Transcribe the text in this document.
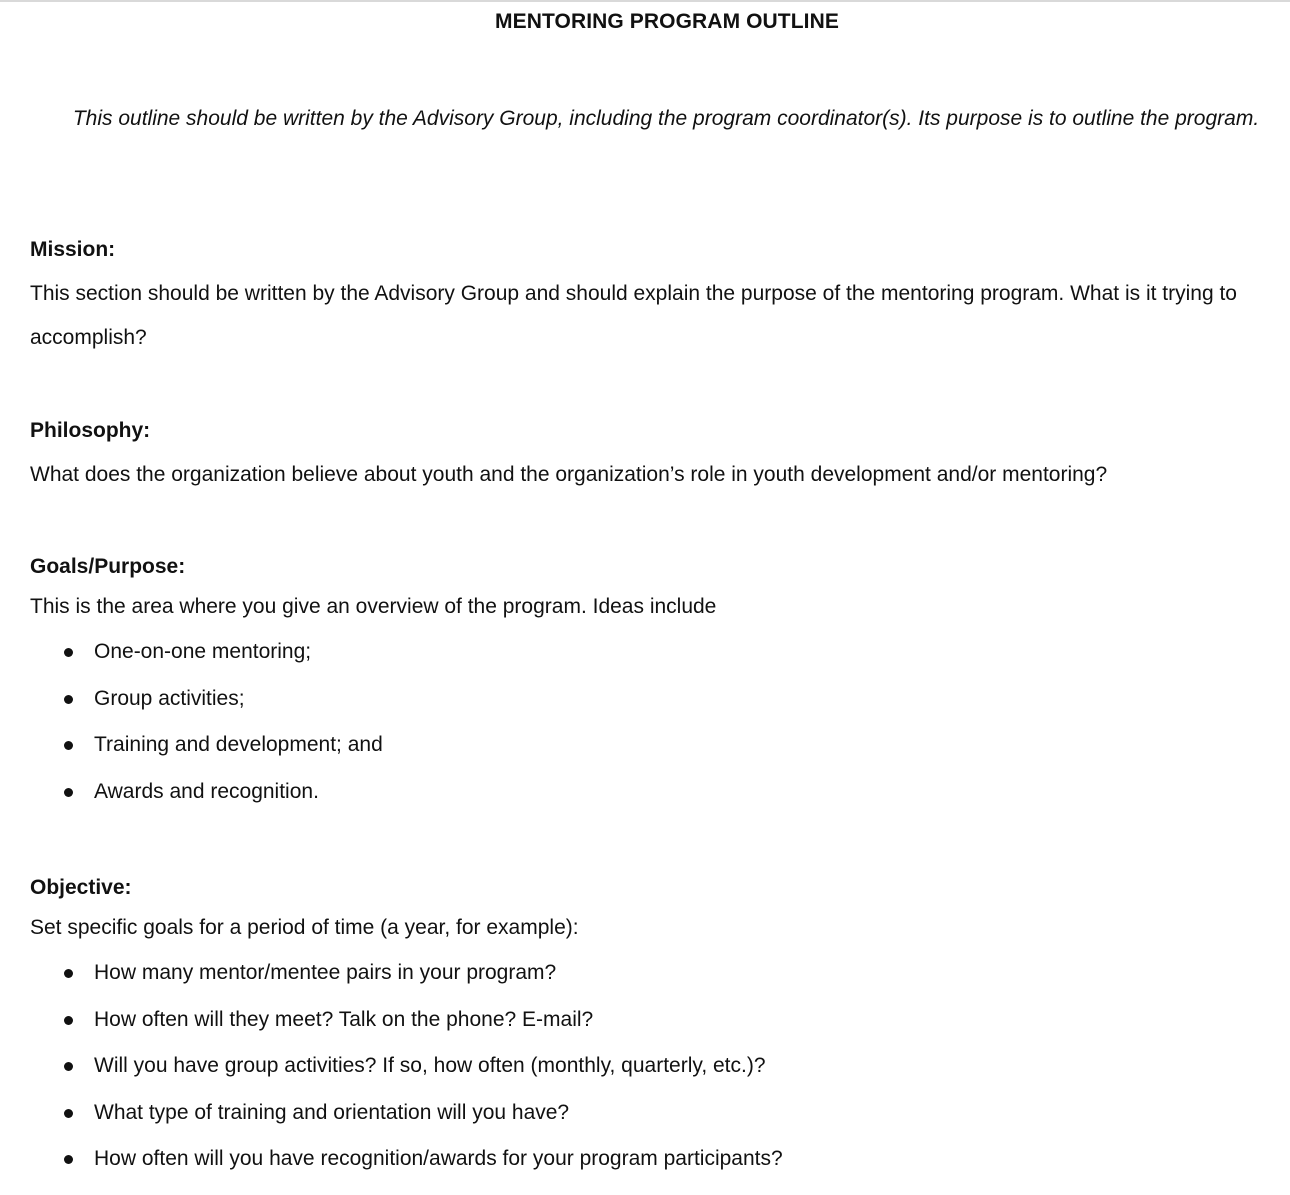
MENTORING PROGRAM OUTLINE
This outline should be written by the Advisory Group, including the program coordinator(s). Its purpose is to outline the program.

Mission:

This section should be written by the Advisory Group and should explain the purpose of the mentoring program. What is it trying to accomplish?

Philosophy:

What does the organization believe about youth and the organization’s role in youth development and/or mentoring?

Goals/Purpose:

This is the area where you give an overview of the program. Ideas include

One-on-one mentoring;
Group activities;
Training and development; and
Awards and recognition.

Objective:

Set specific goals for a period of time (a year, for example):

How many mentor/mentee pairs in your program?
How often will they meet? Talk on the phone? E-mail?
Will you have group activities? If so, how often (monthly, quarterly, etc.)?
What type of training and orientation will you have?
How often will you have recognition/awards for your program participants?
